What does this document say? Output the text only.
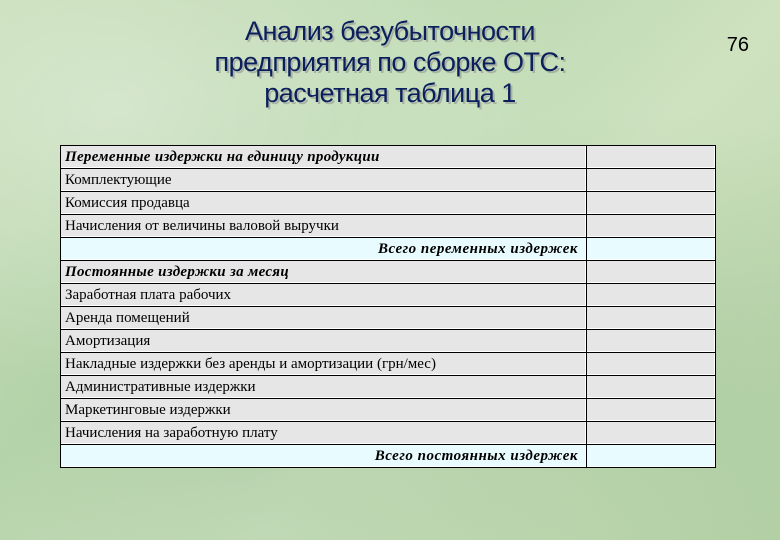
Анализ безубыточности
предприятия по сборке ОТС:
расчетная таблица 1
76
Переменные издержки на единицу продукции	
Комплектующие	
Комиссия продавца	
Начисления от величины валовой выручки	
Всего переменных издержек	
Постоянные издержки за месяц	
Заработная плата рабочих	
Аренда помещений	
Амортизация	
Накладные издержки без аренды и амортизации (грн/мес)	
Административные издержки	
Маркетинговые издержки	
Начисления на заработную плату	
Всего постоянных издержек	
